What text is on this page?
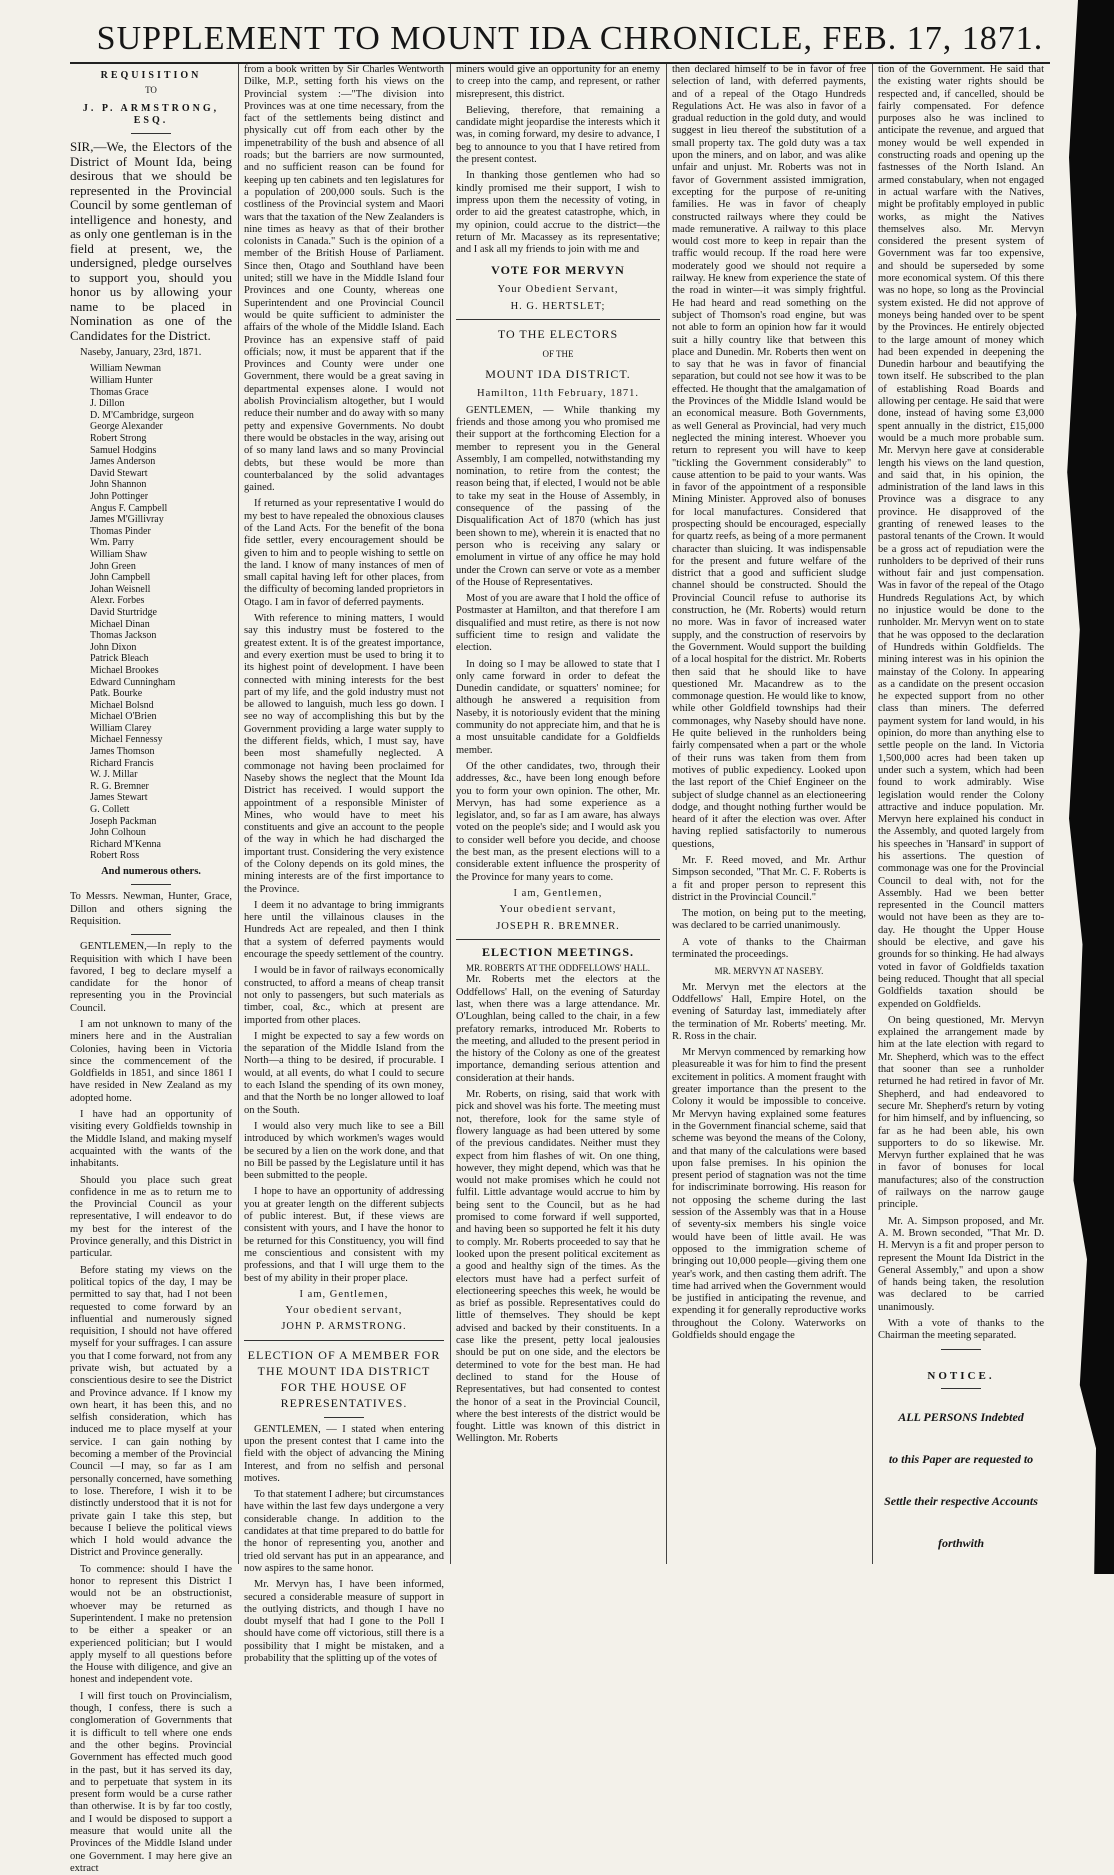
SUPPLEMENT TO MOUNT IDA CHRONICLE, FEB. 17, 1871.
REQUISITION
TO
J. P. ARMSTRONG, ESQ.

SIR,—We, the Electors of the District of Mount Ida, being desirous that we should be represented in the Provincial Council by some gentleman of intelligence and honesty, and as only one gentleman is in the field at present, we, the undersigned, pledge ourselves to support you, should you honor us by allowing your name to be placed in Nomination as one of the Candidates for the District.

Naseby, January, 23rd, 1871.

William Newman
William Hunter
Thomas Grace
J. Dillon
D. M'Cambridge, surgeon
George Alexander
Robert Strong
Samuel Hodgins
James Anderson
David Stewart
John Shannon
John Pottinger
Angus F. Campbell
James M'Gillivray
Thomas Pinder
Wm. Parry
William Shaw
John Green
John Campbell
Johan Weisnell
Alexr. Forbes
David Sturtridge
Michael Dinan
Thomas Jackson
John Dixon
Patrick Bleach
Michael Brookes
Edward Cunningham
Patk. Bourke
Michael Bolsnd
Michael O'Brien
William Clarey
Michael Fennessy
James Thomson
Richard Francis
W. J. Millar
R. G. Bremner
James Stewart
G. Collett
Joseph Packman
John Colhoun
Richard M'Kenna
Robert Ross
And numerous others.

To Messrs. Newman, Hunter, Grace, Dillon and others signing the Requisition.

GENTLEMEN,—In reply to the Requisition with which I have been favored, I beg to declare myself a candidate for the honor of representing you in the Provincial Council.

I am not unknown to many of the miners here and in the Australian Colonies, having been in Victoria since the commencement of the Goldfields in 1851, and since 1861 I have resided in New Zealand as my adopted home.

I have had an opportunity of visiting every Goldfields township in the Middle Island, and making myself acquainted with the wants of the inhabitants.

Should you place such great confidence in me as to return me to the Provincial Council as your representative, I will endeavor to do my best for the interest of the Province generally, and this District in particular.

Before stating my views on the political topics of the day, I may be permitted to say that, had I not been requested to come forward by an influential and numerously signed requisition, I should not have offered myself for your suffrages. I can assure you that I come forward, not from any private wish, but actuated by a conscientious desire to see the District and Province advance. If I know my own heart, it has been this, and no selfish consideration, which has induced me to place myself at your service. I can gain nothing by becoming a member of the Provincial Council —I may, so far as I am personally concerned, have something to lose. Therefore, I wish it to be distinctly understood that it is not for private gain I take this step, but because I believe the political views which I hold would advance the District and Province generally.

To commence: should I have the honor to represent this District I would not be an obstructionist, whoever may be returned as Superintendent. I make no pretension to be either a speaker or an experienced politician; but I would apply myself to all questions before the House with diligence, and give an honest and independent vote.

I will first touch on Provincialism, though, I confess, there is such a conglomeration of Governments that it is difficult to tell where one ends and the other begins. Provincial Government has effected much good in the past, but it has served its day, and to perpetuate that system in its present form would be a curse rather than otherwise. It is by far too costly, and I would be disposed to support a measure that would unite all the Provinces of the Middle Island under one Government. I may here give an extract

from a book written by Sir Charles Wentworth Dilke, M.P., setting forth his views on the Provincial system :—"The division into Provinces was at one time necessary, from the fact of the settlements being distinct and physically cut off from each other by the impenetrability of the bush and absence of all roads; but the barriers are now surmounted, and no sufficient reason can be found for keeping up ten cabinets and ten legislatures for a population of 200,000 souls. Such is the costliness of the Provincial system and Maori wars that the taxation of the New Zealanders is nine times as heavy as that of their brother colonists in Canada." Such is the opinion of a member of the British House of Parliament. Since then, Otago and Southland have been united; still we have in the Middle Island four Provinces and one County, whereas one Superintendent and one Provincial Council would be quite sufficient to administer the affairs of the whole of the Middle Island. Each Province has an expensive staff of paid officials; now, it must be apparent that if the Provinces and County were under one Government, there would be a great saving in departmental expenses alone. I would not abolish Provincialism altogether, but I would reduce their number and do away with so many petty and expensive Governments. No doubt there would be obstacles in the way, arising out of so many land laws and so many Provincial debts, but these would be more than counterbalanced by the solid advantages gained.

If returned as your representative I would do my best to have repealed the obnoxious clauses of the Land Acts. For the benefit of the bona fide settler, every encouragement should be given to him and to people wishing to settle on the land. I know of many instances of men of small capital having left for other places, from the difficulty of becoming landed proprietors in Otago. I am in favor of deferred payments.

With reference to mining matters, I would say this industry must be fostered to the greatest extent. It is of the greatest importance, and every exertion must be used to bring it to its highest point of development. I have been connected with mining interests for the best part of my life, and the gold industry must not be allowed to languish, much less go down. I see no way of accomplishing this but by the Government providing a large water supply to the different fields, which, I must say, have been most shamefully neglected. A commonage not having been proclaimed for Naseby shows the neglect that the Mount Ida District has received. I would support the appointment of a responsible Minister of Mines, who would have to meet his constituents and give an account to the people of the way in which he had discharged the important trust. Considering the very existence of the Colony depends on its gold mines, the mining interests are of the first importance to the Province.

I deem it no advantage to bring immigrants here until the villainous clauses in the Hundreds Act are repealed, and then I think that a system of deferred payments would encourage the speedy settlement of the country.

I would be in favor of railways economically constructed, to afford a means of cheap transit not only to passengers, but such materials as timber, coal, &c., which at present are imported from other places.

I might be expected to say a few words on the separation of the Middle Island from the North—a thing to be desired, if procurable. I would, at all events, do what I could to secure to each Island the spending of its own money, and that the North be no longer allowed to loaf on the South.

I would also very much like to see a Bill introduced by which workmen's wages would be secured by a lien on the work done, and that no Bill be passed by the Legislature until it has been submitted to the people.

I hope to have an opportunity of addressing you at greater length on the different subjects of public interest. But, if these views are consistent with yours, and I have the honor to be returned for this Constituency, you will find me conscientious and consistent with my professions, and that I will urge them to the best of my ability in their proper place.

I am, Gentlemen,
Your obedient servant,
JOHN P. ARMSTRONG.
ELECTION OF A MEMBER FOR THE MOUNT IDA DISTRICT FOR THE HOUSE OF REPRESENTATIVES.

GENTLEMEN, — I stated when entering upon the present contest that I came into the field with the object of advancing the Mining Interest, and from no selfish and personal motives.

To that statement I adhere; but circumstances have within the last few days undergone a very considerable change. In addition to the candidates at that time prepared to do battle for the honor of representing you, another and tried old servant has put in an appearance, and now aspires to the same honor.

Mr. Mervyn has, I have been informed, secured a considerable measure of support in the outlying districts, and though I have no doubt myself that had I gone to the Poll I should have come off victorious, still there is a possibility that I might be mistaken, and a probability that the splitting up of the votes of

miners would give an opportunity for an enemy to creep into the camp, and represent, or rather misrepresent, this district.

Believing, therefore, that remaining a candidate might jeopardise the interests which it was, in coming forward, my desire to advance, I beg to announce to you that I have retired from the present contest.

In thanking those gentlemen who had so kindly promised me their support, I wish to impress upon them the necessity of voting, in order to aid the greatest catastrophe, which, in my opinion, could accrue to the district—the return of Mr. Macassey as its representative; and I ask all my friends to join with me and

VOTE FOR MERVYN
Your Obedient Servant,
H. G. HERTSLET;
TO THE ELECTORS
OF THE
MOUNT IDA DISTRICT.
Hamilton, 11th February, 1871.

GENTLEMEN, — While thanking my friends and those among you who promised me their support at the forthcoming Election for a member to represent you in the General Assembly, I am compelled, notwithstanding my nomination, to retire from the contest; the reason being that, if elected, I would not be able to take my seat in the House of Assembly, in consequence of the passing of the Disqualification Act of 1870 (which has just been shown to me), wherein it is enacted that no person who is receiving any salary or emolument in virtue of any office he may hold under the Crown can serve or vote as a member of the House of Representatives.

Most of you are aware that I hold the office of Postmaster at Hamilton, and that therefore I am disqualified and must retire, as there is not now sufficient time to resign and validate the election.

In doing so I may be allowed to state that I only came forward in order to defeat the Dunedin candidate, or squatters' nominee; for although he answered a requisition from Naseby, it is notoriously evident that the mining community do not appreciate him, and that he is a most unsuitable candidate for a Goldfields member.

Of the other candidates, two, through their addresses, &c., have been long enough before you to form your own opinion. The other, Mr. Mervyn, has had some experience as a legislator, and, so far as I am aware, has always voted on the people's side; and I would ask you to consider well before you decide, and choose the best man, as the present elections will to a considerable extent influence the prosperity of the Province for many years to come.

I am, Gentlemen,
Your obedient servant,
JOSEPH R. BREMNER.
ELECTION MEETINGS.
MR. ROBERTS AT THE ODDFELLOWS' HALL.

Mr. Roberts met the electors at the Oddfellows' Hall, on the evening of Saturday last, when there was a large attendance. Mr. O'Loughlan, being called to the chair, in a few prefatory remarks, introduced Mr. Roberts to the meeting, and alluded to the present period in the history of the Colony as one of the greatest importance, demanding serious attention and consideration at their hands.

Mr. Roberts, on rising, said that work with pick and shovel was his forte. The meeting must not, therefore, look for the same style of flowery language as had been uttered by some of the previous candidates. Neither must they expect from him flashes of wit. On one thing, however, they might depend, which was that he would not make promises which he could not fulfil. Little advantage would accrue to him by being sent to the Council, but as he had promised to come forward if well supported, and having been so supported he felt it his duty to comply. Mr. Roberts proceeded to say that he looked upon the present political excitement as a good and healthy sign of the times. As the electors must have had a perfect surfeit of electioneering speeches this week, he would be as brief as possible. Representatives could do little of themselves. They should be kept advised and backed by their constituents. In a case like the present, petty local jealousies should be put on one side, and the electors be determined to vote for the best man. He had declined to stand for the House of Representatives, but had consented to contest the honor of a seat in the Provincial Council, where the best interests of the district would be fought. Little was known of this district in Wellington. Mr. Roberts

then declared himself to be in favor of free selection of land, with deferred payments, and of a repeal of the Otago Hundreds Regulations Act. He was also in favor of a gradual reduction in the gold duty, and would suggest in lieu thereof the substitution of a small property tax. The gold duty was a tax upon the miners, and on labor, and was alike unfair and unjust. Mr. Roberts was not in favor of Government assisted immigration, excepting for the purpose of re-uniting families. He was in favor of cheaply constructed railways where they could be made remunerative. A railway to this place would cost more to keep in repair than the traffic would recoup. If the road here were moderately good we should not require a railway. He knew from experience the state of the road in winter—it was simply frightful. He had heard and read something on the subject of Thomson's road engine, but was not able to form an opinion how far it would suit a hilly country like that between this place and Dunedin. Mr. Roberts then went on to say that he was in favor of financial separation, but could not see how it was to be effected. He thought that the amalgamation of the Provinces of the Middle Island would be an economical measure. Both Governments, as well General as Provincial, had very much neglected the mining interest. Whoever you return to represent you will have to keep "tickling the Government considerably" to cause attention to be paid to your wants. Was in favor of the appointment of a responsible Mining Minister. Approved also of bonuses for local manufactures. Considered that prospecting should be encouraged, especially for quartz reefs, as being of a more permanent character than sluicing. It was indispensable for the present and future welfare of the district that a good and sufficient sludge channel should be constructed. Should the Provincial Council refuse to authorise its construction, he (Mr. Roberts) would return no more. Was in favor of increased water supply, and the construction of reservoirs by the Government. Would support the building of a local hospital for the district. Mr. Roberts then said that he should like to have questioned Mr. Macandrew as to the commonage question. He would like to know, while other Goldfield townships had their commonages, why Naseby should have none. He quite believed in the runholders being fairly compensated when a part or the whole of their runs was taken from them from motives of public expediency. Looked upon the last report of the Chief Engineer on the subject of sludge channel as an electioneering dodge, and thought nothing further would be heard of it after the election was over. After having replied satisfactorily to numerous questions,

Mr. F. Reed moved, and Mr. Arthur Simpson seconded, "That Mr. C. F. Roberts is a fit and proper person to represent this district in the Provincial Council."

The motion, on being put to the meeting, was declared to be carried unanimously.

A vote of thanks to the Chairman terminated the proceedings.

MR. MERVYN AT NASEBY.

Mr. Mervyn met the electors at the Oddfellows' Hall, Empire Hotel, on the evening of Saturday last, immediately after the termination of Mr. Roberts' meeting. Mr. R. Ross in the chair.

Mr Mervyn commenced by remarking how pleasureable it was for him to find the present excitement in politics. A moment fraught with greater importance than the present to the Colony it would be impossible to conceive. Mr Mervyn having explained some features in the Government financial scheme, said that scheme was beyond the means of the Colony, and that many of the calculations were based upon false premises. In his opinion the present period of stagnation was not the time for indiscriminate borrowing. His reason for not opposing the scheme during the last session of the Assembly was that in a House of seventy-six members his single voice would have been of little avail. He was opposed to the immigration scheme of bringing out 10,000 people—giving them one year's work, and then casting them adrift. The time had arrived when the Government would be justified in anticipating the revenue, and expending it for generally reproductive works throughout the Colony. Waterworks on Goldfields should engage the

tion of the Government. He said that the existing water rights should be respected and, if cancelled, should be fairly compensated. For defence purposes also he was inclined to anticipate the revenue, and argued that money would be well expended in constructing roads and opening up the fastnesses of the North Island. An armed constabulary, when not engaged in actual warfare with the Natives, might be profitably employed in public works, as might the Natives themselves also. Mr. Mervyn considered the present system of Government was far too expensive, and should be superseded by some more economical system. Of this there was no hope, so long as the Provincial system existed. He did not approve of moneys being handed over to be spent by the Provinces. He entirely objected to the large amount of money which had been expended in deepening the Dunedin harbour and beautifying the town itself. He subscribed to the plan of establishing Road Boards and allowing per centage. He said that were done, instead of having some £3,000 spent annually in the district, £15,000 would be a much more probable sum. Mr. Mervyn here gave at considerable length his views on the land question, and said that, in his opinion, the administration of the land laws in this Province was a disgrace to any province. He disapproved of the granting of renewed leases to the pastoral tenants of the Crown. It would be a gross act of repudiation were the runholders to be deprived of their runs without fair and just compensation. Was in favor of the repeal of the Otago Hundreds Regulations Act, by which no injustice would be done to the runholder. Mr. Mervyn went on to state that he was opposed to the declaration of Hundreds within Goldfields. The mining interest was in his opinion the mainstay of the Colony. In appearing as a candidate on the present occasion he expected support from no other class than miners. The deferred payment system for land would, in his opinion, do more than anything else to settle people on the land. In Victoria 1,500,000 acres had been taken up under such a system, which had been found to work admirably. Wise legislation would render the Colony attractive and induce population. Mr. Mervyn here explained his conduct in the Assembly, and quoted largely from his speeches in 'Hansard' in support of his assertions. The question of commonage was one for the Provincial Council to deal with, not for the Assembly. Had we been better represented in the Council matters would not have been as they are to-day. He thought the Upper House should be elective, and gave his grounds for so thinking. He had always voted in favor of Goldfields taxation being reduced. Thought that all special Goldfields taxation should be expended on Goldfields.

On being questioned, Mr. Mervyn explained the arrangement made by him at the late election with regard to Mr. Shepherd, which was to the effect that sooner than see a runholder returned he had retired in favor of Mr. Shepherd, and had endeavored to secure Mr. Shepherd's return by voting for him himself, and by influencing, so far as he had been able, his own supporters to do so likewise. Mr. Mervyn further explained that he was in favor of bonuses for local manufactures; also of the construction of railways on the narrow gauge principle.

Mr. A. Simpson proposed, and Mr. A. M. Brown seconded, "That Mr. D. H. Mervyn is a fit and proper person to represent the Mount Ida District in the General Assembly," and upon a show of hands being taken, the resolution was declared to be carried unanimously.

With a vote of thanks to the Chairman the meeting separated.

NOTICE.
ALL PERSONS Indebted
to this Paper are requested to
Settle their respective Accounts
forthwith
